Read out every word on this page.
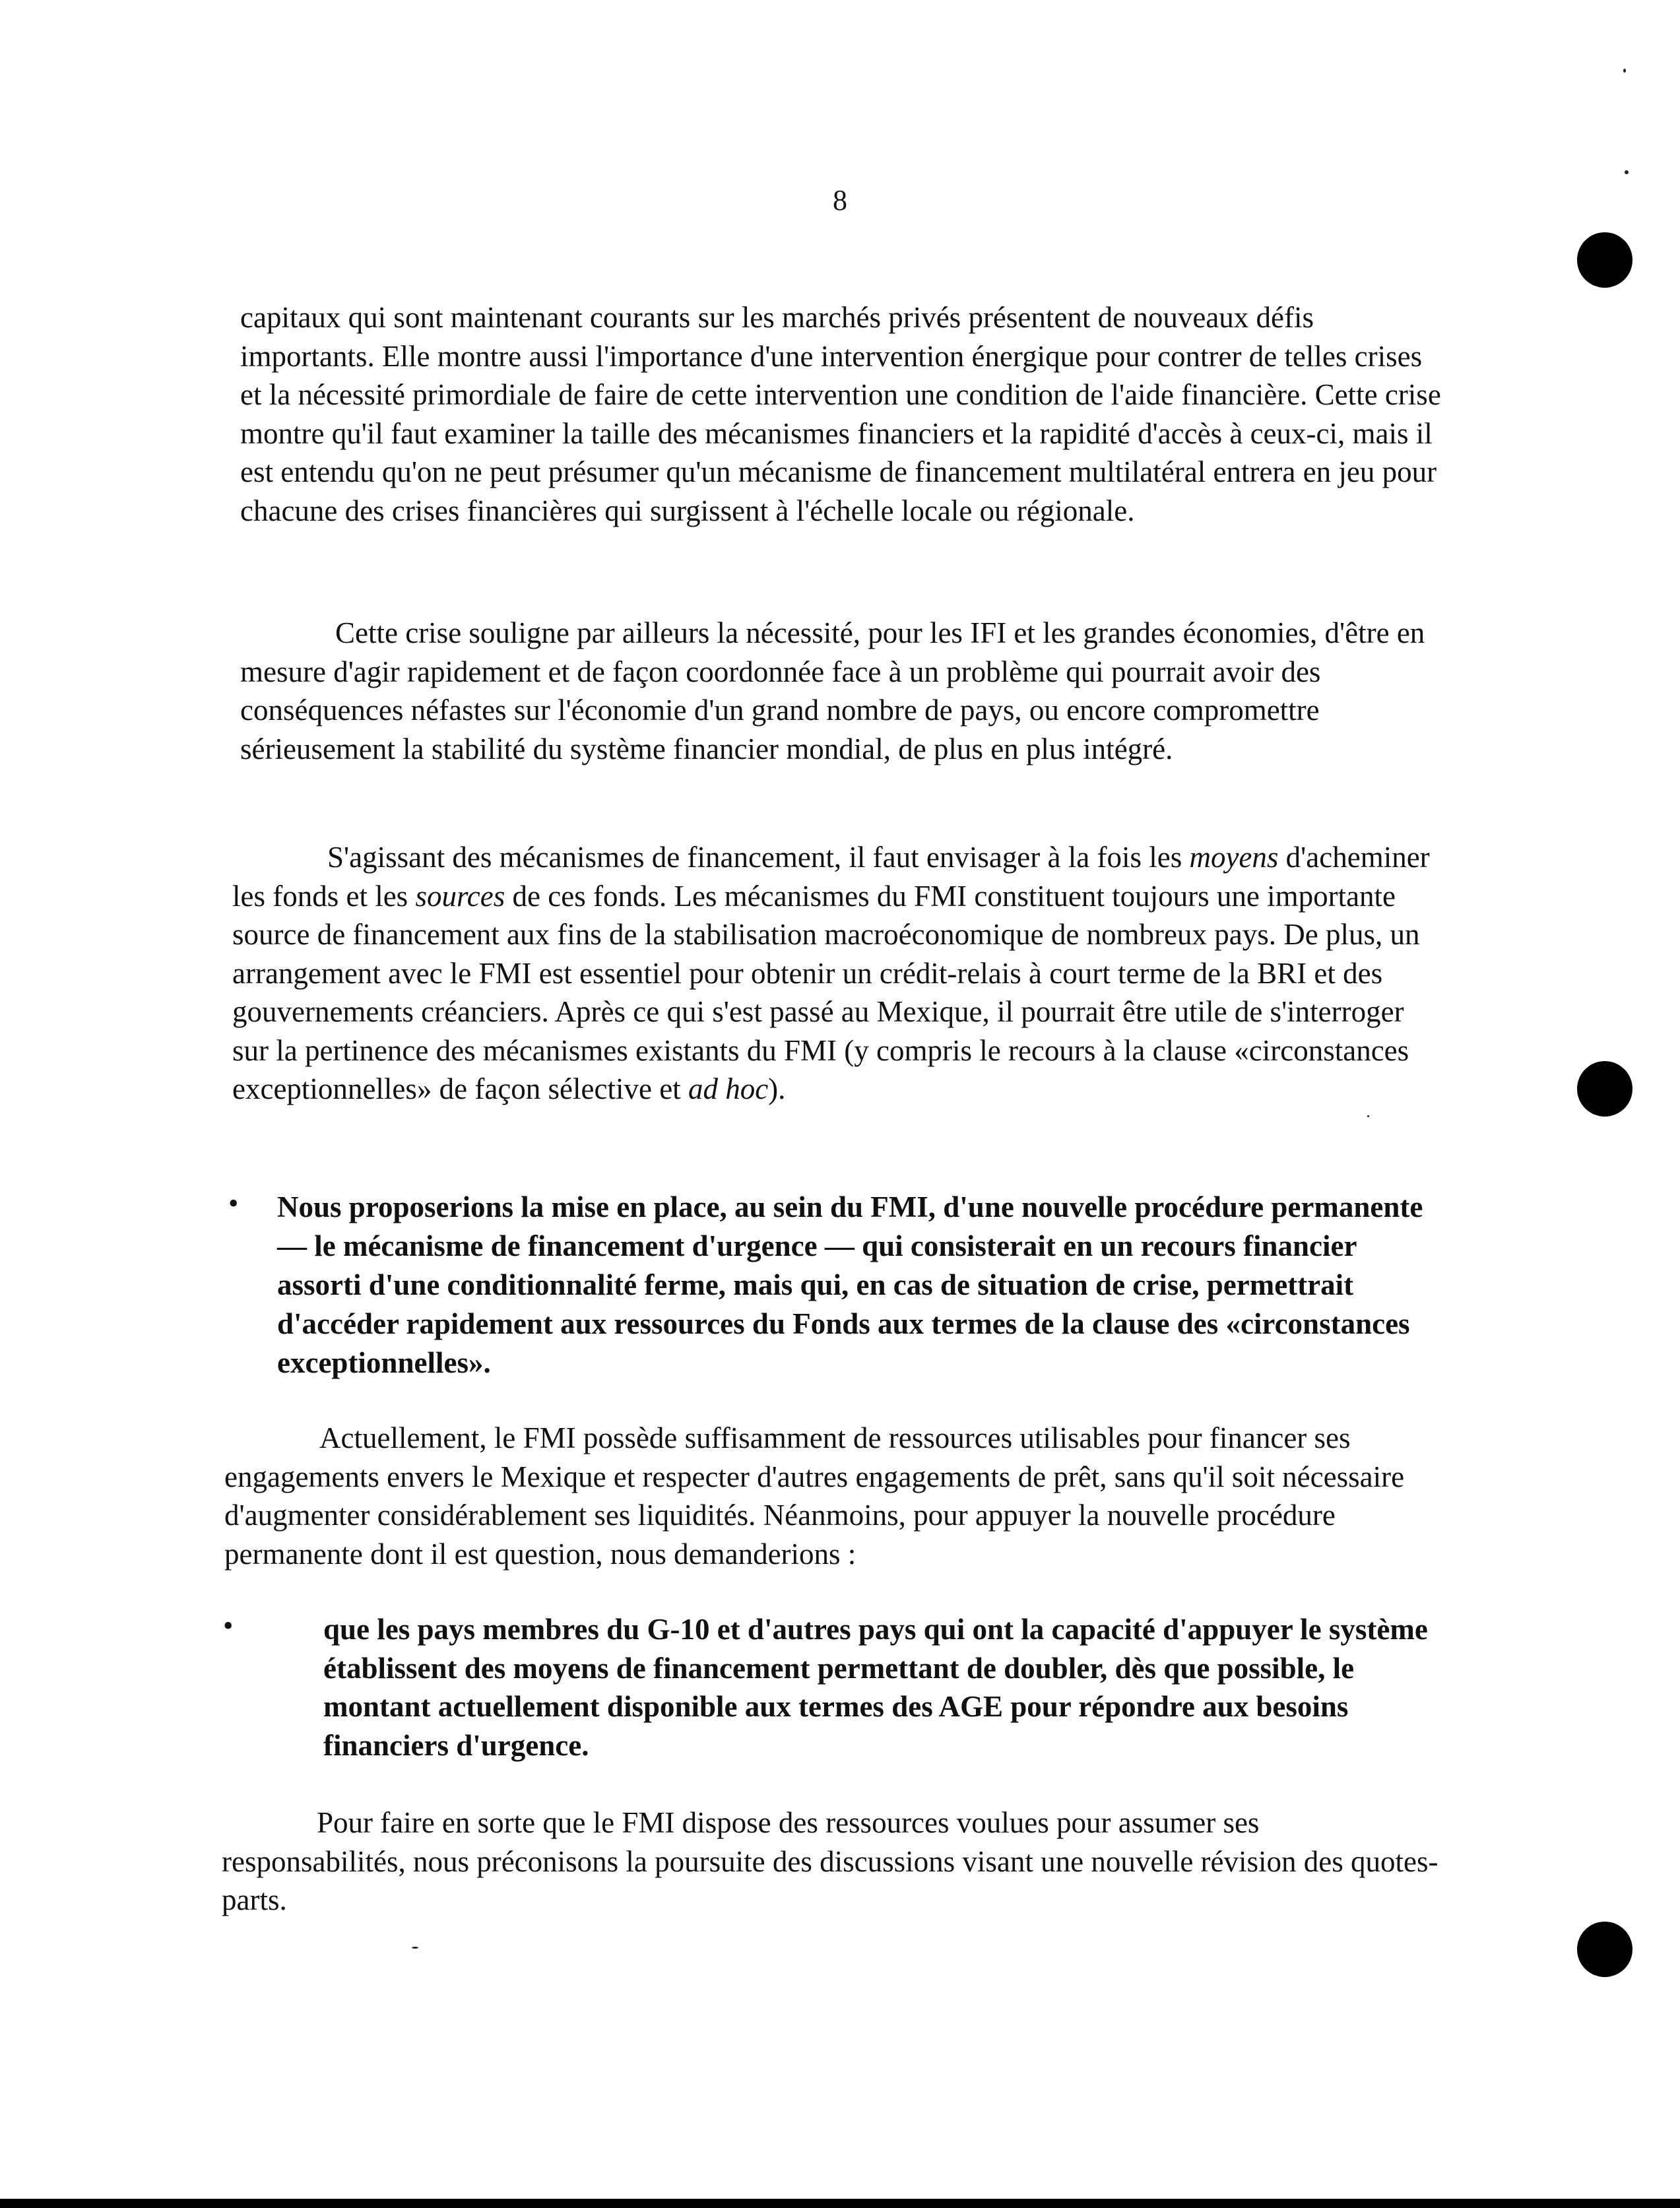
8

capitaux qui sont maintenant courants sur les marchés privés présentent de nouveaux défis importants. Elle montre aussi l'importance d'une intervention énergique pour contrer de telles crises et la nécessité primordiale de faire de cette intervention une condition de l'aide financière. Cette crise montre qu'il faut examiner la taille des mécanismes financiers et la rapidité d'accès à ceux-ci, mais il est entendu qu'on ne peut présumer qu'un mécanisme de financement multilatéral entrera en jeu pour chacune des crises financières qui surgissent à l'échelle locale ou régionale.

Cette crise souligne par ailleurs la nécessité, pour les IFI et les grandes économies, d'être en mesure d'agir rapidement et de façon coordonnée face à un problème qui pourrait avoir des conséquences néfastes sur l'économie d'un grand nombre de pays, ou encore compromettre sérieusement la stabilité du système financier mondial, de plus en plus intégré.

S'agissant des mécanismes de financement, il faut envisager à la fois les moyens d'acheminer les fonds et les sources de ces fonds. Les mécanismes du FMI constituent toujours une importante source de financement aux fins de la stabilisation macroéconomique de nombreux pays. De plus, un arrangement avec le FMI est essentiel pour obtenir un crédit-relais à court terme de la BRI et des gouvernements créanciers. Après ce qui s'est passé au Mexique, il pourrait être utile de s'interroger sur la pertinence des mécanismes existants du FMI (y compris le recours à la clause «circonstances exceptionnelles» de façon sélective et ad hoc).

• Nous proposerions la mise en place, au sein du FMI, d'une nouvelle procédure permanente — le mécanisme de financement d'urgence — qui consisterait en un recours financier assorti d'une conditionnalité ferme, mais qui, en cas de situation de crise, permettrait d'accéder rapidement aux ressources du Fonds aux termes de la clause des «circonstances exceptionnelles».

Actuellement, le FMI possède suffisamment de ressources utilisables pour financer ses engagements envers le Mexique et respecter d'autres engagements de prêt, sans qu'il soit nécessaire d'augmenter considérablement ses liquidités. Néanmoins, pour appuyer la nouvelle procédure permanente dont il est question, nous demanderions :

•	que les pays membres du G-10 et d'autres pays qui ont la capacité d'appuyer le système établissent des moyens de financement permettant de doubler, dès que possible, le montant actuellement disponible aux termes des AGE pour répondre aux besoins financiers d'urgence.

Pour faire en sorte que le FMI dispose des ressources voulues pour assumer ses responsabilités, nous préconisons la poursuite des discussions visant une nouvelle révision des quotes-parts.
